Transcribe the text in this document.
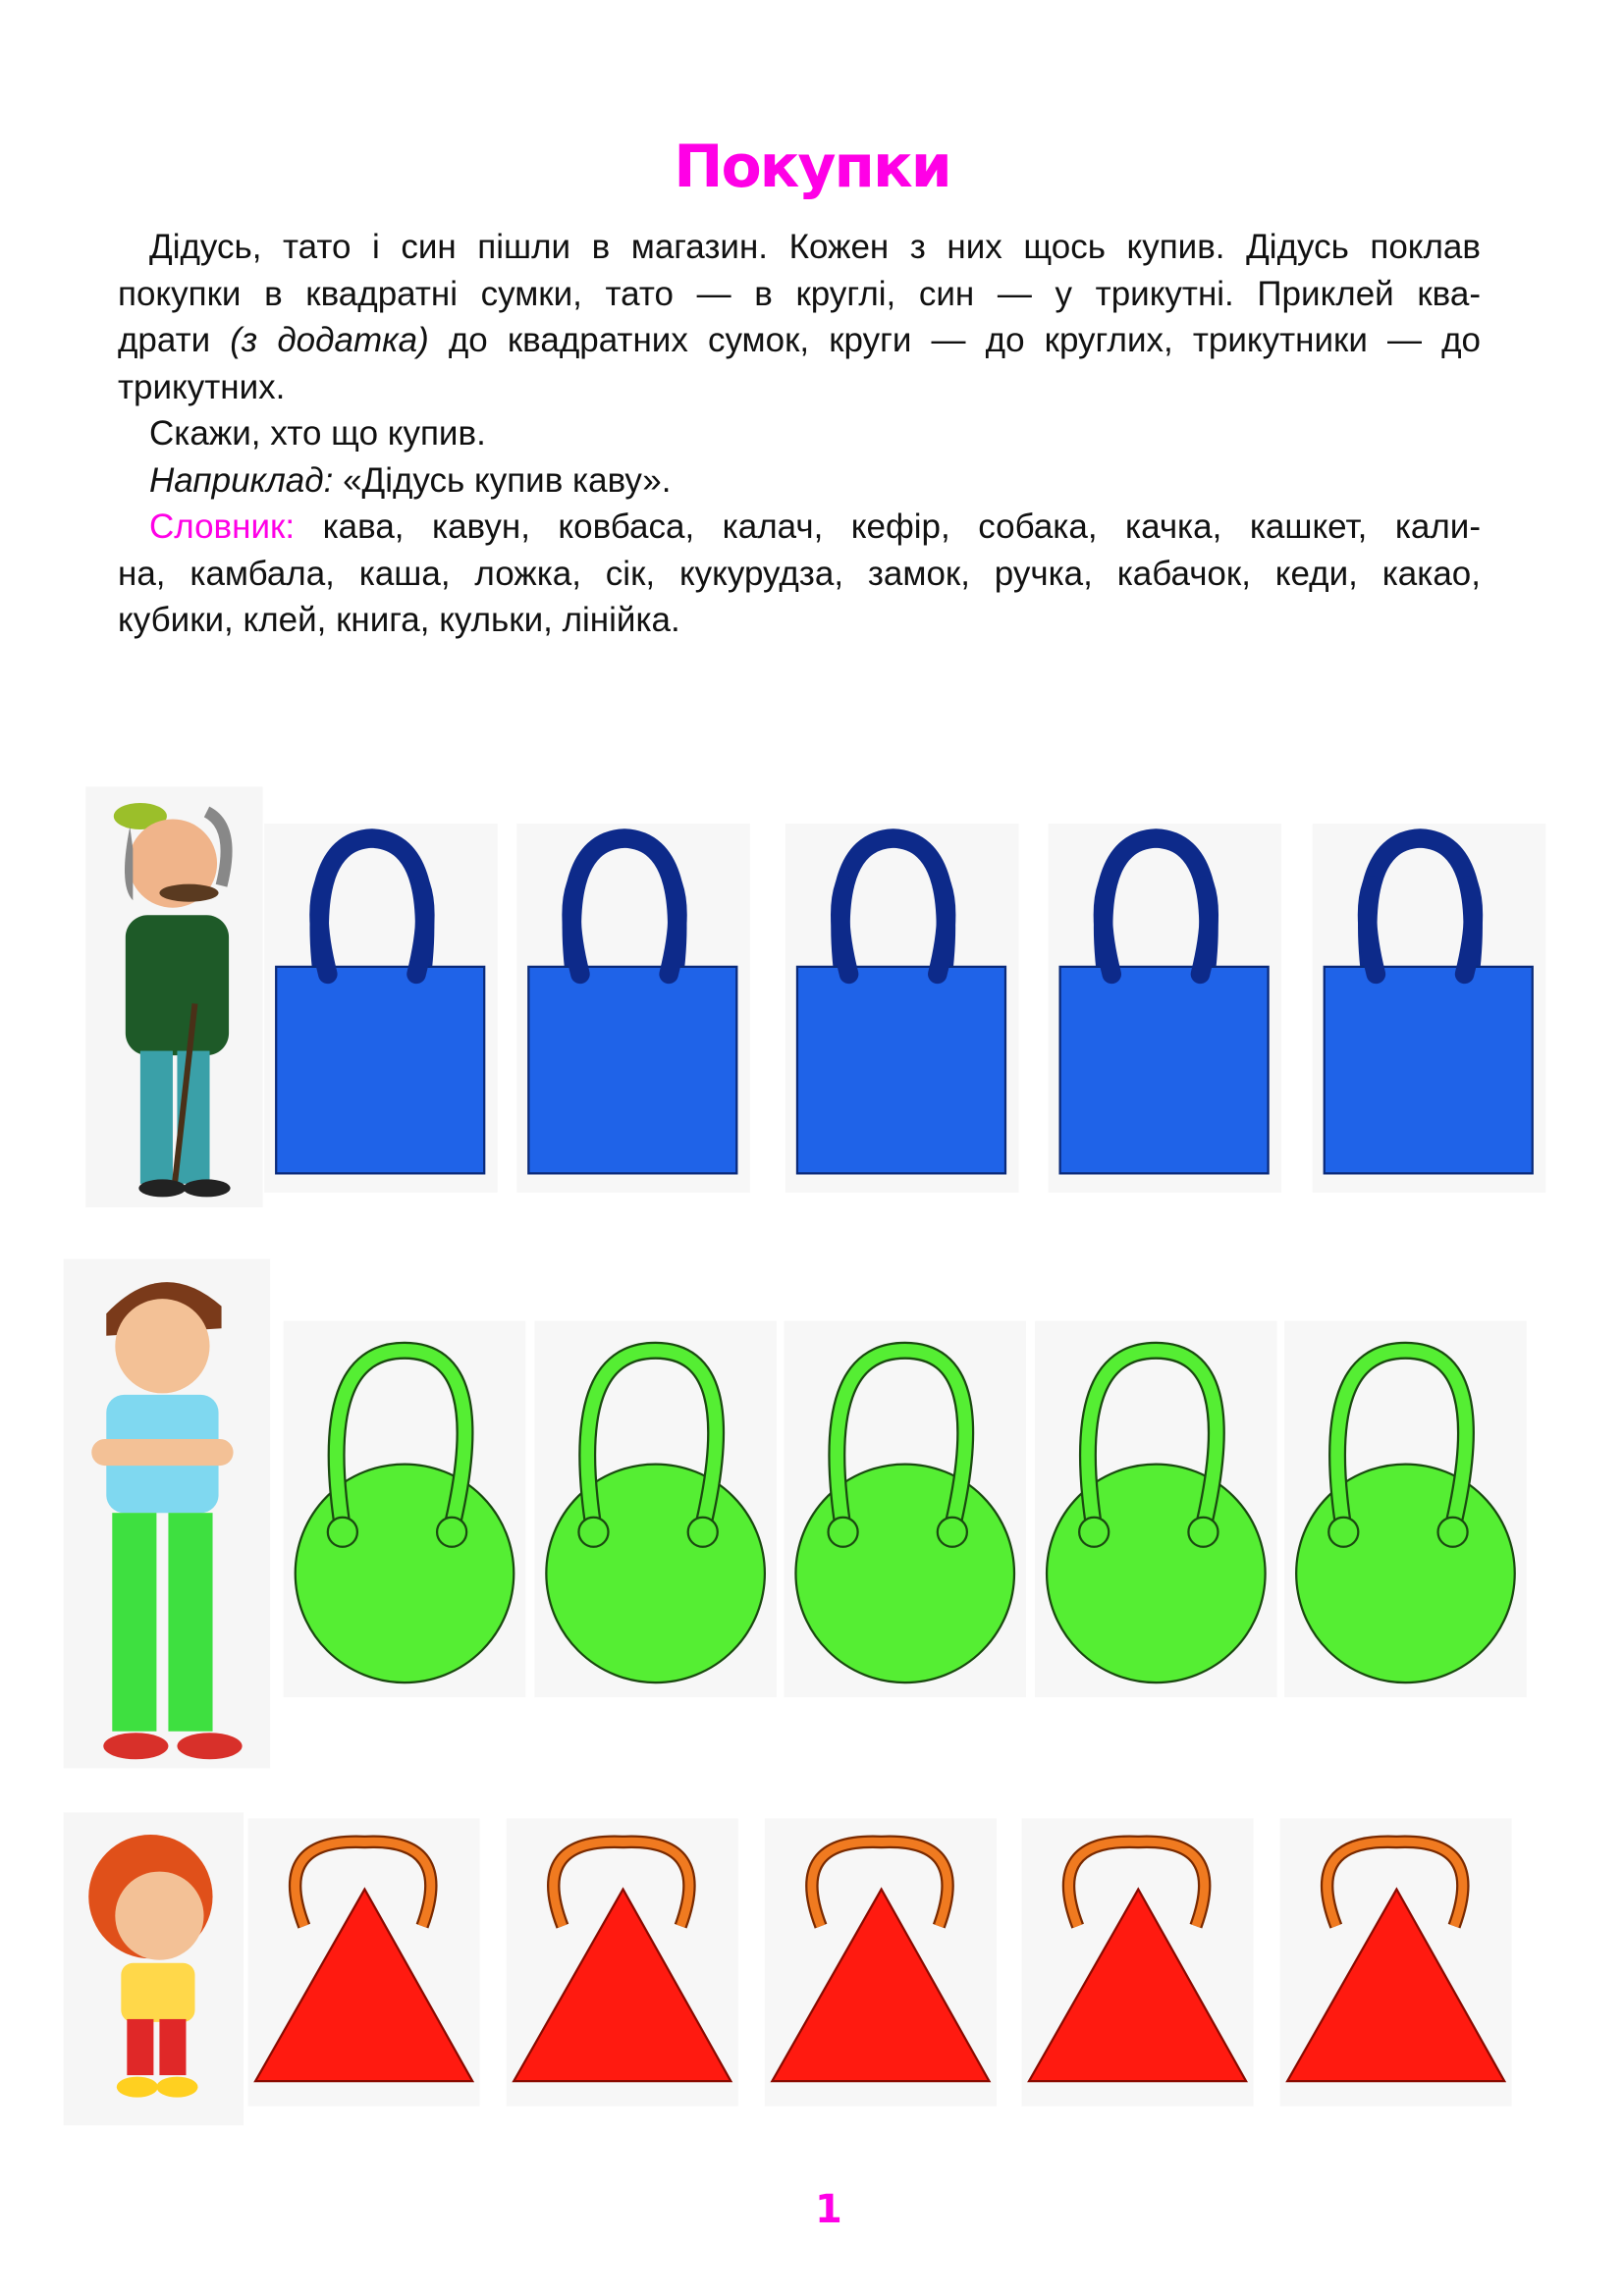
Покупки
Дідусь, тато і син пішли в магазин. Кожен з них щось купив. Дідусь поклав
покупки в квадратні сумки, тато — в круглі, син — у трикутні. Приклей ква-
драти (з додатка) до квадратних сумок, круги — до круглих, трикутники — до
трикутних.
Скажи, хто що купив.
Наприклад: «Дідусь купив каву».
Словник: кава, кавун, ковбаса, калач, кефір, собака, качка, кашкет, кали-
на, камбала, каша, ложка, сік, кукурудза, замок, ручка, кабачок, кеди, какао,
кубики, клей, книга, кульки, лінійка.
1
